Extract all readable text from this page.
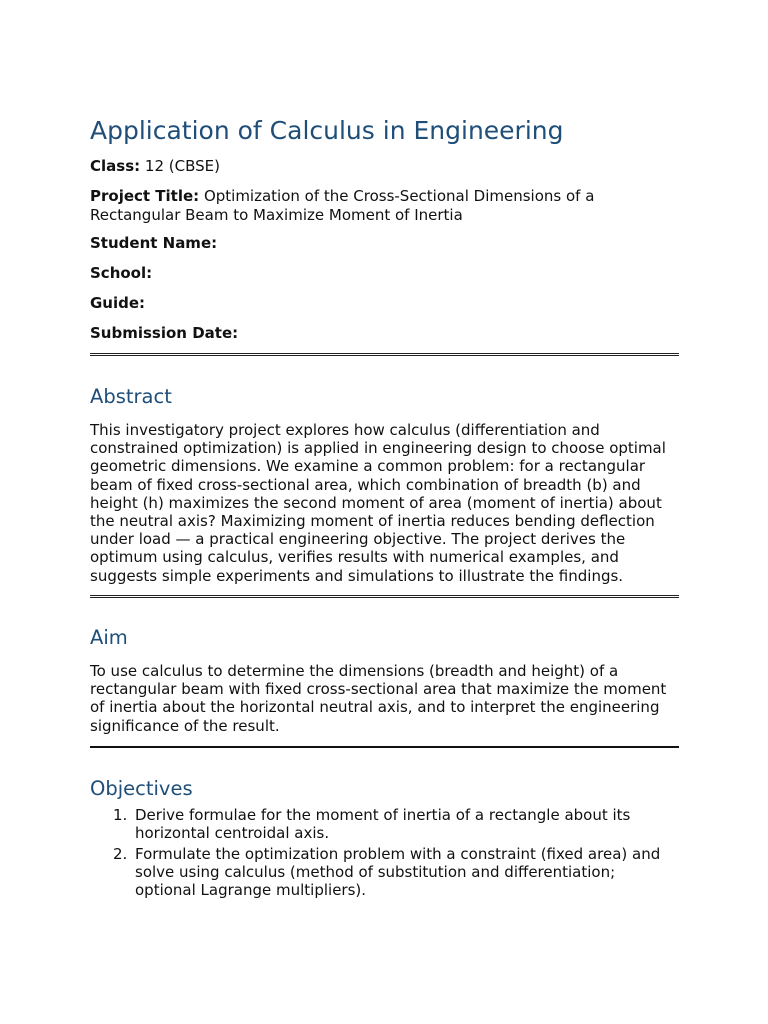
Application of Calculus in Engineering

Class: 12 (CBSE)

Project Title: Optimization of the Cross-Sectional Dimensions of a Rectangular Beam to Maximize Moment of Inertia

Student Name:

School:

Guide:

Submission Date:

Abstract

This investigatory project explores how calculus (differentiation and constrained optimization) is applied in engineering design to choose optimal geometric dimensions. We examine a common problem: for a rectangular beam of fixed cross-sectional area, which combination of breadth (b) and height (h) maximizes the second moment of area (moment of inertia) about the neutral axis? Maximizing moment of inertia reduces bending deflection under load — a practical engineering objective. The project derives the optimum using calculus, verifies results with numerical examples, and suggests simple experiments and simulations to illustrate the findings.

Aim

To use calculus to determine the dimensions (breadth and height) of a rectangular beam with fixed cross-sectional area that maximize the moment of inertia about the horizontal neutral axis, and to interpret the engineering significance of the result.

Objectives
1. Derive formulae for the moment of inertia of a rectangle about its horizontal centroidal axis.
2. Formulate the optimization problem with a constraint (fixed area) and solve using calculus (method of substitution and differentiation; optional Lagrange multipliers).
